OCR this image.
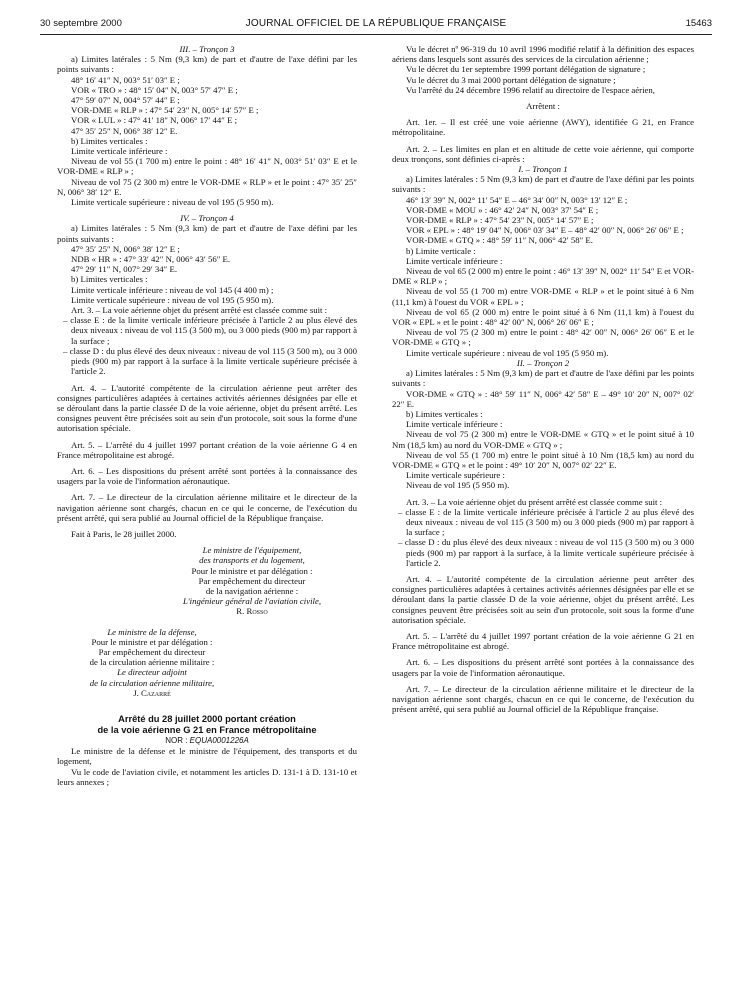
30 septembre 2000	JOURNAL OFFICIEL DE LA RÉPUBLIQUE FRANÇAISE	15463

III. – Tronçon 3

a) Limites latérales : 5 Nm (9,3 km) de part et d'autre de l'axe défini par les points suivants :

48° 16′ 41″ N, 003° 51′ 03″ E ;

VOR « TRO » : 48° 15′ 04″ N, 003° 57′ 47″ E ;

47° 59′ 07″ N, 004° 57′ 44″ E ;

VOR-DME « RLP » : 47° 54′ 23″ N, 005° 14′ 57″ E ;

VOR « LUL » : 47° 41′ 18″ N, 006° 17′ 44″ E ;

47° 35′ 25″ N, 006° 38′ 12″ E.

b) Limites verticales :

Limite verticale inférieure :

Niveau de vol 55 (1 700 m) entre le point : 48° 16′ 41″ N, 003° 51′ 03″ E et le VOR-DME « RLP » ;

Niveau de vol 75 (2 300 m) entre le VOR-DME « RLP » et le point : 47° 35′ 25″ N, 006° 38′ 12″ E.

Limite verticale supérieure : niveau de vol 195 (5 950 m).

IV. – Tronçon 4

a) Limites latérales : 5 Nm (9,3 km) de part et d'autre de l'axe défini par les points suivants :

47° 35′ 25″ N, 006° 38′ 12″ E ;

NDB « HR » : 47° 33′ 42″ N, 006° 43′ 56″ E.

47° 29′ 11″ N, 007° 29′ 34″ E.

b) Limites verticales :

Limite verticale inférieure : niveau de vol 145 (4 400 m) ;

Limite verticale supérieure : niveau de vol 195 (5 950 m).

Art. 3. – La voie aérienne objet du présent arrêté est classée comme suit :

– classe E : de la limite verticale inférieure précisée à l'article 2 au plus élevé des deux niveaux : niveau de vol 115 (3 500 m), ou 3 000 pieds (900 m) par rapport à la surface ;

– classe D : du plus élevé des deux niveaux : niveau de vol 115 (3 500 m), ou 3 000 pieds (900 m) par rapport à la surface à la limite verticale supérieure précisée à l'article 2.

Art. 4. – L'autorité compétente de la circulation aérienne peut arrêter des consignes particulières adaptées à certaines activités aériennes désignées par elle et se déroulant dans la partie classée D de la voie aérienne, objet du présent arrêté. Les consignes peuvent être précisées soit au sein d'un protocole, soit sous la forme d'une autorisation spéciale.

Art. 5. – L'arrêté du 4 juillet 1997 portant création de la voie aérienne G 4 en France métropolitaine est abrogé.

Art. 6. – Les dispositions du présent arrêté sont portées à la connaissance des usagers par la voie de l'information aéronautique.

Art. 7. – Le directeur de la circulation aérienne militaire et le directeur de la navigation aérienne sont chargés, chacun en ce qui le concerne, de l'exécution du présent arrêté, qui sera publié au Journal officiel de la République française.

Fait à Paris, le 28 juillet 2000.

Le ministre de l'équipement,

des transports et du logement,

Pour le ministre et par délégation :

Par empêchement du directeur

de la navigation aérienne :

L'ingénieur général de l'aviation civile,

R. Rosso

Le ministre de la défense,

Pour le ministre et par délégation :

Par empêchement du directeur

de la circulation aérienne militaire :

Le directeur adjoint

de la circulation aérienne militaire,

J. Cazarré

Arrêté du 28 juillet 2000 portant création

de la voie aérienne G 21 en France métropolitaine

NOR : EQUA0001226A

Le ministre de la défense et le ministre de l'équipement, des transports et du logement,

Vu le code de l'aviation civile, et notamment les articles D. 131-1 à D. 131-10 et leurs annexes ;

Vu le décret nº 96-319 du 10 avril 1996 modifié relatif à la définition des espaces aériens dans lesquels sont assurés des services de la circulation aérienne ;

Vu le décret du 1er septembre 1999 portant délégation de signature ;

Vu le décret du 3 mai 2000 portant délégation de signature ;

Vu l'arrêté du 24 décembre 1996 relatif au directoire de l'espace aérien,

Arrêtent :

Art. 1er. – Il est créé une voie aérienne (AWY), identifiée G 21, en France métropolitaine.

Art. 2. – Les limites en plan et en altitude de cette voie aérienne, qui comporte deux tronçons, sont définies ci-après :

I. – Tronçon 1

a) Limites latérales : 5 Nm (9,3 km) de part et d'autre de l'axe défini par les points suivants :

46° 13′ 39″ N, 002° 11′ 54″ E – 46° 34′ 00″ N, 003° 13′ 12″ E ;

VOR-DME « MOU » : 46° 42′ 24″ N, 003° 37′ 54″ E ;

VOR-DME « RLP » : 47° 54′ 23″ N, 005° 14′ 57″ E ;

VOR « EPL » : 48° 19′ 04″ N, 006° 03′ 34″ E – 48° 42′ 00″ N, 006° 26′ 06″ E ;

VOR-DME « GTQ » : 48° 59′ 11″ N, 006° 42′ 58″ E.

b) Limite verticale :

Limite verticale inférieure :

Niveau de vol 65 (2 000 m) entre le point : 46° 13′ 39″ N, 002° 11′ 54″ E et VOR-DME « RLP » ;

Niveau de vol 55 (1 700 m) entre VOR-DME « RLP » et le point situé à 6 Nm (11,1 km) à l'ouest du VOR « EPL » ;

Niveau de vol 65 (2 000 m) entre le point situé à 6 Nm (11,1 km) à l'ouest du VOR « EPL » et le point : 48° 42′ 00″ N, 006° 26′ 06″ E ;

Niveau de vol 75 (2 300 m) entre le point : 48° 42′ 00″ N, 006° 26′ 06″ E et le VOR-DME « GTQ » ;

Limite verticale supérieure : niveau de vol 195 (5 950 m).

II. – Tronçon 2

a) Limites latérales : 5 Nm (9,3 km) de part et d'autre de l'axe défini par les points suivants :

VOR-DME « GTQ » : 48° 59′ 11″ N, 006° 42′ 58″ E – 49° 10′ 20″ N, 007° 02′ 22″ E.

b) Limites verticales :

Limite verticale inférieure :

Niveau de vol 75 (2 300 m) entre le VOR-DME « GTQ » et le point situé à 10 Nm (18,5 km) au nord du VOR-DME « GTQ » ;

Niveau de vol 55 (1 700 m) entre le point situé à 10 Nm (18,5 km) au nord du VOR-DME « GTQ » et le point : 49° 10′ 20″ N, 007° 02′ 22″ E.

Limite verticale supérieure :

Niveau de vol 195 (5 950 m).

Art. 3. – La voie aérienne objet du présent arrêté est classée comme suit :

– classe E : de la limite verticale inférieure précisée à l'article 2 au plus élevé des deux niveaux : niveau de vol 115 (3 500 m) ou 3 000 pieds (900 m) par rapport à la surface ;

– classe D : du plus élevé des deux niveaux : niveau de vol 115 (3 500 m) ou 3 000 pieds (900 m) par rapport à la surface, à la limite verticale supérieure précisée à l'article 2.

Art. 4. – L'autorité compétente de la circulation aérienne peut arrêter des consignes particulières adaptées à certaines activités aériennes désignées par elle et se déroulant dans la partie classée D de la voie aérienne, objet du présent arrêté. Les consignes peuvent être précisées soit au sein d'un protocole, soit sous la forme d'une autorisation spéciale.

Art. 5. – L'arrêté du 4 juillet 1997 portant création de la voie aérienne G 21 en France métropolitaine est abrogé.

Art. 6. – Les dispositions du présent arrêté sont portées à la connaissance des usagers par la voie de l'information aéronautique.

Art. 7. – Le directeur de la circulation aérienne militaire et le directeur de la navigation aérienne sont chargés, chacun en ce qui le concerne, de l'exécution du présent arrêté, qui sera publié au Journal officiel de la République française.
